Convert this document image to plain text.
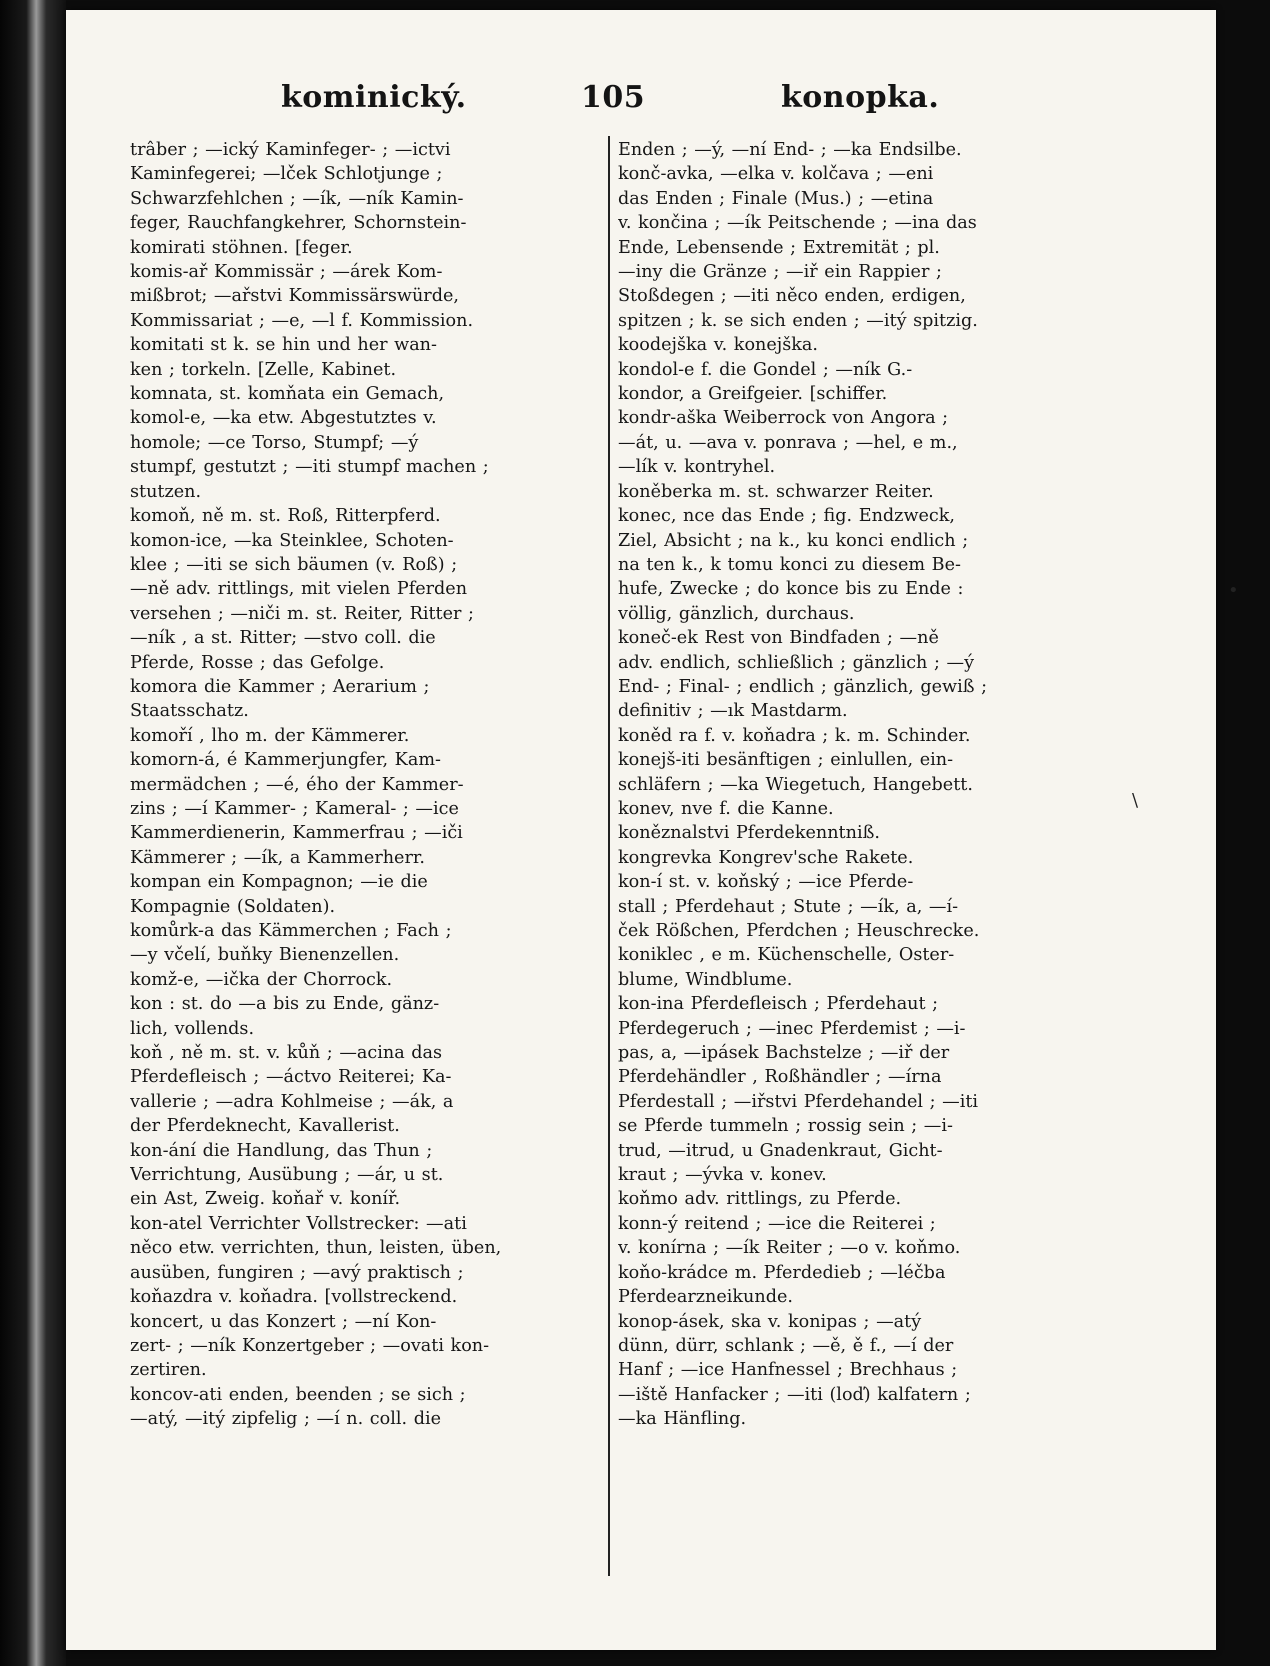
kominický.	105	konopka.
trâber ; —ický Kaminfeger- ; —ictvi
Kaminfegerei; —lček Schlotjunge ;
Schwarzfehlchen ; —ík, —ník Kamin-
feger, Rauchfangkehrer, Schornstein-
komirati stöhnen. [feger.
komis-ař Kommissär ; —árek Kom-
mißbrot; —ařstvi Kommissärswürde,
Kommissariat ; —e, —l f. Kommission.
komitati st k. se hin und her wan-
ken ; torkeln. [Zelle, Kabinet.
komnata, st. komňata ein Gemach,
komol-e, —ka etw. Abgestutztes v.
homole; —ce Torso, Stumpf; —ý
stumpf, gestutzt ; —iti stumpf machen ;
stutzen.
komoň, ně m. st. Roß, Ritterpferd.
komon-ice, —ka Steinklee, Schoten-
klee ; —iti se sich bäumen (v. Roß) ;
—ně adv. rittlings, mit vielen Pferden
versehen ; —niči m. st. Reiter, Ritter ;
—ník , a st. Ritter; —stvo coll. die
Pferde, Rosse ; das Gefolge.
komora die Kammer ; Aerarium ;
Staatsschatz.
komoří , lho m. der Kämmerer.
komorn-á, é Kammerjungfer, Kam-
mermädchen ; —é, ého der Kammer-
zins ; —í Kammer- ; Kameral- ; —ice
Kammerdienerin, Kammerfrau ; —iči
Kämmerer ; —ík, a Kammerherr.
kompan ein Kompagnon; —ie die
Kompagnie (Soldaten).
komůrk-a das Kämmerchen ; Fach ;
—y včelí, buňky Bienenzellen.
komž-e, —ička der Chorrock.
kon : st. do —a bis zu Ende, gänz-
lich, vollends.
koň , ně m. st. v. kůň ; —acina das
Pferdefleisch ; —áctvo Reiterei; Ka-
vallerie ; —adra Kohlmeise ; —ák, a
der Pferdeknecht, Kavallerist.
kon-ání die Handlung, das Thun ;
Verrichtung, Ausübung ; —ár, u st.
ein Ast, Zweig. koňař v. koníř.
kon-atel Verrichter Vollstrecker: —ati
něco etw. verrichten, thun, leisten, üben,
ausüben, fungiren ; —avý praktisch ;
koňazdra v. koňadra. [vollstreckend.
koncert, u das Konzert ; —ní Kon-
zert- ; —ník Konzertgeber ; —ovati kon-
zertiren.
koncov-ati enden, beenden ; se sich ;
—atý, —itý zipfelig ; —í n. coll. die
Enden ; —ý, —ní End- ; —ka Endsilbe.
konč-avka, —elka v. kolčava ; —eni
das Enden ; Finale (Mus.) ; —etina
v. končina ; —ík Peitschende ; —ina das
Ende, Lebensende ; Extremität ; pl.
—iny die Gränze ; —iř ein Rappier ;
Stoßdegen ; —iti něco enden, erdigen,
spitzen ; k. se sich enden ; —itý spitzig.
koodejška v. konejška.
kondol-e f. die Gondel ; —ník G.-
kondor, a Greifgeier. [schiffer.
kondr-aška Weiberrock von Angora ;
—át, u. —ava v. ponrava ; —hel, e m.,
—lík v. kontryhel.
koněberka m. st. schwarzer Reiter.
konec, nce das Ende ; fig. Endzweck,
Ziel, Absicht ; na k., ku konci endlich ;
na ten k., k tomu konci zu diesem Be-
hufe, Zwecke ; do konce bis zu Ende :
völlig, gänzlich, durchaus.
koneč-ek Rest von Bindfaden ; —ně
adv. endlich, schließlich ; gänzlich ; —ý
End- ; Final- ; endlich ; gänzlich, gewiß ;
definitiv ; —ık Mastdarm.
koněd ra f. v. koňadra ; k. m. Schinder.
konejš-iti besänftigen ; einlullen, ein-
schläfern ; —ka Wiegetuch, Hangebett.
konev, nve f. die Kanne.
koněznalstvi Pferdekenntniß.
kongrevka Kongrev'sche Rakete.
kon-í st. v. koňský ; —ice Pferde-
stall ; Pferdehaut ; Stute ; —ík, a, —í-
ček Rößchen, Pferdchen ; Heuschrecke.
koniklec , e m. Küchenschelle, Oster-
blume, Windblume.
kon-ina Pferdefleisch ; Pferdehaut ;
Pferdegeruch ; —inec Pferdemist ; —i-
pas, a, —ipásek Bachstelze ; —iř der
Pferdehändler , Roßhändler ; —írna
Pferdestall ; —iřstvi Pferdehandel ; —iti
se Pferde tummeln ; rossig sein ; —i-
trud, —itrud, u Gnadenkraut, Gicht-
kraut ; —ývka v. konev.
koňmo adv. rittlings, zu Pferde.
konn-ý reitend ; —ice die Reiterei ;
v. konírna ; —ík Reiter ; —o v. koňmo.
koňo-krádce m. Pferdedieb ; —léčba
Pferdearzneikunde.
konop-ásek, ska v. konipas ; —atý
dünn, dürr, schlank ; —ě, ě f., —í der
Hanf ; —ice Hanfnessel ; Brechhaus ;
—iště Hanfacker ; —iti (loď) kalfatern ;
—ka Hänfling.
•
\
